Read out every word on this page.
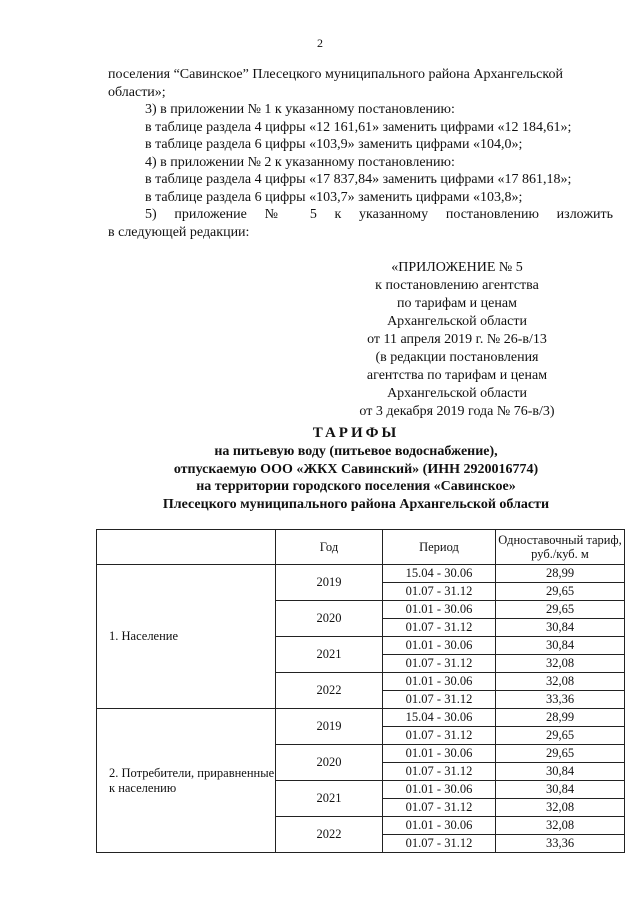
2
поселения “Савинское” Плесецкого муниципального района Архангельской
области»;
3) в приложении № 1 к указанному постановлению:
в таблице раздела 4 цифры «12 161,61» заменить цифрами «12 184,61»;
в таблице раздела 6 цифры «103,9» заменить цифрами «104,0»;
4) в приложении № 2 к указанному постановлению:
в таблице раздела 4 цифры «17 837,84» заменить цифрами «17 861,18»;
в таблице раздела 6 цифры «103,7» заменить цифрами «103,8»;
5) приложение № 5 к указанному постановлению изложить
в следующей редакции:
«ПРИЛОЖЕНИЕ № 5
к постановлению агентства
по тарифам и ценам
Архангельской области
от 11 апреля 2019 г. № 26-в/13
(в редакции постановления
агентства по тарифам и ценам
Архангельской области
от 3 декабря 2019 года № 76-в/3)
ТАРИФЫ
на питьевую воду (питьевое водоснабжение),
отпускаемую ООО «ЖКХ Савинский» (ИНН 2920016774)
на территории городского поселения «Савинское»
Плесецкого муниципального района Архангельской области
	Год	Период	Одноставочный тариф, руб./куб. м
1. Население	2019	15.04 - 30.06	28,99
		01.07 - 31.12	29,65
	2020	01.01 - 30.06	29,65
		01.07 - 31.12	30,84
	2021	01.01 - 30.06	30,84
		01.07 - 31.12	32,08
	2022	01.01 - 30.06	32,08
		01.07 - 31.12	33,36
2. Потребители, приравненные к населению	2019	15.04 - 30.06	28,99
		01.07 - 31.12	29,65
	2020	01.01 - 30.06	29,65
		01.07 - 31.12	30,84
	2021	01.01 - 30.06	30,84
		01.07 - 31.12	32,08
	2022	01.01 - 30.06	32,08
		01.07 - 31.12	33,36
